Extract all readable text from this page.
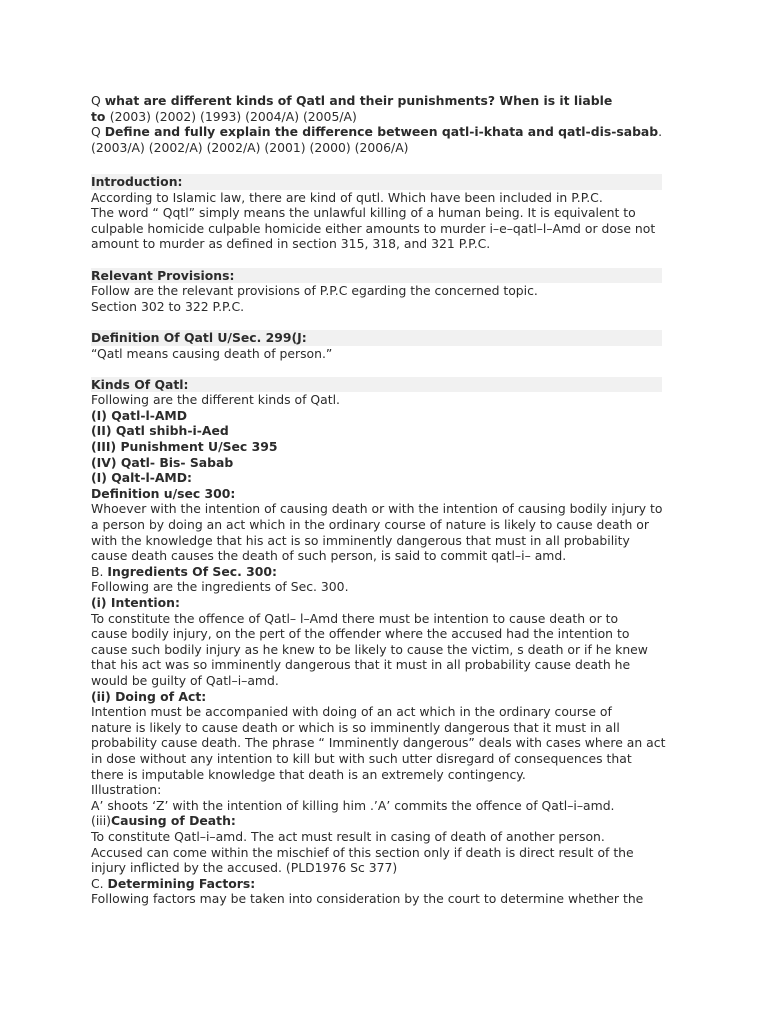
Q what are different kinds of Qatl and their punishments? When is it liable
to (2003) (2002) (1993) (2004/A) (2005/A)
Q Define and fully explain the difference between qatl-i-khata and qatl-dis-sabab.
(2003/A) (2002/A) (2002/A) (2001) (2000) (2006/A)
Introduction:
According to Islamic law, there are kind of qutl. Which have been included in P.P.C.
The word “ Qqtl” simply means the unlawful killing of a human being. It is equivalent to
culpable homicide culpable homicide either amounts to murder i–e–qatl–l–Amd or dose not
amount to murder as defined in section 315, 318, and 321 P.P.C.
Relevant Provisions:
Follow are the relevant provisions of P.P.C egarding the concerned topic.
Section 302 to 322 P.P.C.
Definition Of Qatl U/Sec. 299(J:
“Qatl means causing death of person.”
Kinds Of Qatl:
Following are the different kinds of Qatl.
(I) Qatl-l-AMD
(II) Qatl shibh-i-Aed
(III) Punishment U/Sec 395
(IV) Qatl- Bis- Sabab
(I) Qalt-l-AMD:
Definition u/sec 300:
Whoever with the intention of causing death or with the intention of causing bodily injury to
a person by doing an act which in the ordinary course of nature is likely to cause death or
with the knowledge that his act is so imminently dangerous that must in all probability
cause death causes the death of such person, is said to commit qatl–i– amd.
B. Ingredients Of Sec. 300:
Following are the ingredients of Sec. 300.
(i) Intention:
To constitute the offence of Qatl– l–Amd there must be intention to cause death or to
cause bodily injury, on the pert of the offender where the accused had the intention to
cause such bodily injury as he knew to be likely to cause the victim, s death or if he knew
that his act was so imminently dangerous that it must in all probability cause death he
would be guilty of Qatl–i–amd.
(ii) Doing of Act:
Intention must be accompanied with doing of an act which in the ordinary course of
nature is likely to cause death or which is so imminently dangerous that it must in all
probability cause death. The phrase “ Imminently dangerous” deals with cases where an act
in dose without any intention to kill but with such utter disregard of consequences that
there is imputable knowledge that death is an extremely contingency.
Illustration:
A’ shoots ‘Z’ with the intention of killing him .’A’ commits the offence of Qatl–i–amd.
(iii)Causing of Death:
To constitute Qatl–i–amd. The act must result in casing of death of another person.
Accused can come within the mischief of this section only if death is direct result of the
injury inflicted by the accused. (PLD1976 Sc 377)
C. Determining Factors:
Following factors may be taken into consideration by the court to determine whether the
